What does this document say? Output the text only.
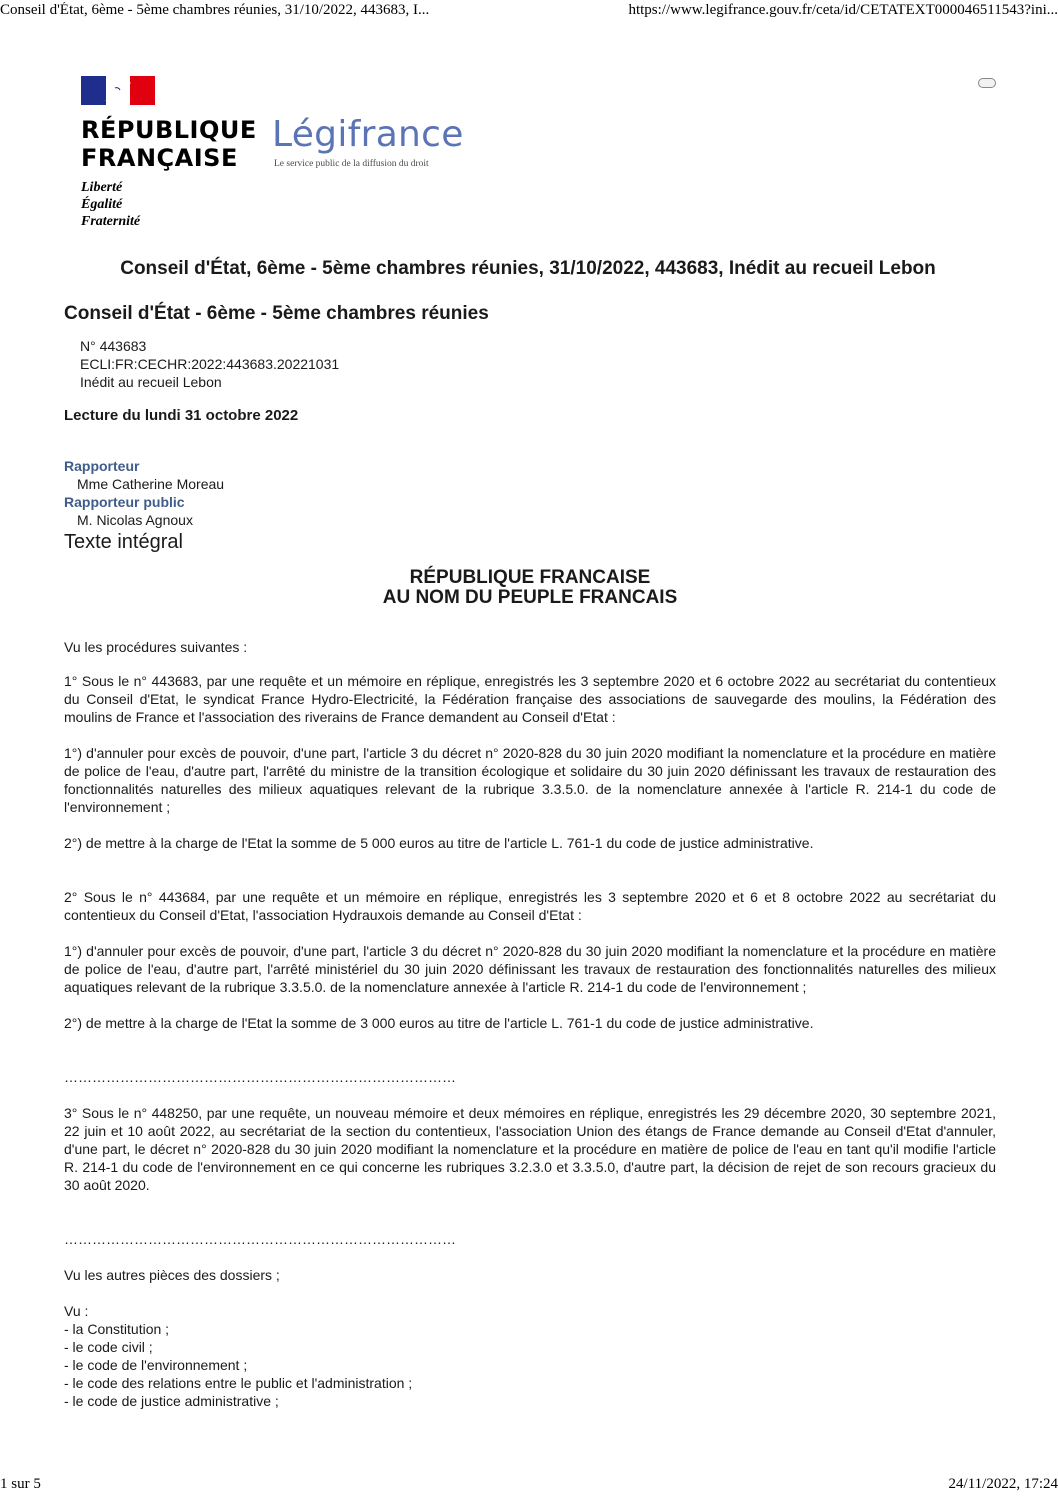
Conseil d'État, 6ème - 5ème chambres réunies, 31/10/2022, 443683, I...	https://www.legifrance.gouv.fr/ceta/id/CETATEXT000046511543?ini...
RÉPUBLIQUE
FRANÇAISE
Liberté
Égalité
Fraternité
Légifrance
Le service public de la diffusion du droit
Conseil d'État, 6ème - 5ème chambres réunies, 31/10/2022, 443683, Inédit au recueil Lebon
Conseil d'État - 6ème - 5ème chambres réunies
N° 443683
ECLI:FR:CECHR:2022:443683.20221031
Inédit au recueil Lebon
Lecture du lundi 31 octobre 2022
Rapporteur
Mme Catherine Moreau
Rapporteur public
M. Nicolas Agnoux
Texte intégral
RÉPUBLIQUE FRANCAISE
AU NOM DU PEUPLE FRANCAIS

Vu les procédures suivantes :

1° Sous le n° 443683, par une requête et un mémoire en réplique, enregistrés les 3 septembre 2020 et 6 octobre 2022 au secrétariat du contentieux du Conseil d'Etat, le syndicat France Hydro-Electricité, la Fédération française des associations de sauvegarde des moulins, la Fédération des moulins de France et l'association des riverains de France demandent au Conseil d'Etat :

1°) d'annuler pour excès de pouvoir, d'une part, l'article 3 du décret n° 2020-828 du 30 juin 2020 modifiant la nomenclature et la procédure en matière de police de l'eau, d'autre part, l'arrêté du ministre de la transition écologique et solidaire du 30 juin 2020 définissant les travaux de restauration des fonctionnalités naturelles des milieux aquatiques relevant de la rubrique 3.3.5.0. de la nomenclature annexée à l'article R. 214-1 du code de l'environnement ;

2°) de mettre à la charge de l'Etat la somme de 5 000 euros au titre de l'article L. 761-1 du code de justice administrative.

2° Sous le n° 443684, par une requête et un mémoire en réplique, enregistrés les 3 septembre 2020 et 6 et 8 octobre 2022 au secrétariat du contentieux du Conseil d'Etat, l'association Hydrauxois demande au Conseil d'Etat :

1°) d'annuler pour excès de pouvoir, d'une part, l'article 3 du décret n° 2020-828 du 30 juin 2020 modifiant la nomenclature et la procédure en matière de police de l'eau, d'autre part, l'arrêté ministériel du 30 juin 2020 définissant les travaux de restauration des fonctionnalités naturelles des milieux aquatiques relevant de la rubrique 3.3.5.0. de la nomenclature annexée à l'article R. 214-1 du code de l'environnement ;

2°) de mettre à la charge de l'Etat la somme de 3 000 euros au titre de l'article L. 761-1 du code de justice administrative.

…………………………………………………………………………

3° Sous le n° 448250, par une requête, un nouveau mémoire et deux mémoires en réplique, enregistrés les 29 décembre 2020, 30 septembre 2021, 22 juin et 10 août 2022, au secrétariat de la section du contentieux, l'association Union des étangs de France demande au Conseil d'Etat d'annuler, d'une part, le décret n° 2020-828 du 30 juin 2020 modifiant la nomenclature et la procédure en matière de police de l'eau en tant qu'il modifie l'article R. 214-1 du code de l'environnement en ce qui concerne les rubriques 3.2.3.0 et 3.3.5.0, d'autre part, la décision de rejet de son recours gracieux du 30 août 2020.

…………………………………………………………………………

Vu les autres pièces des dossiers ;

Vu :
- la Constitution ;
- le code civil ;
- le code de l'environnement ;
- le code des relations entre le public et l'administration ;
- le code de justice administrative ;
1 sur 5	24/11/2022, 17:24
